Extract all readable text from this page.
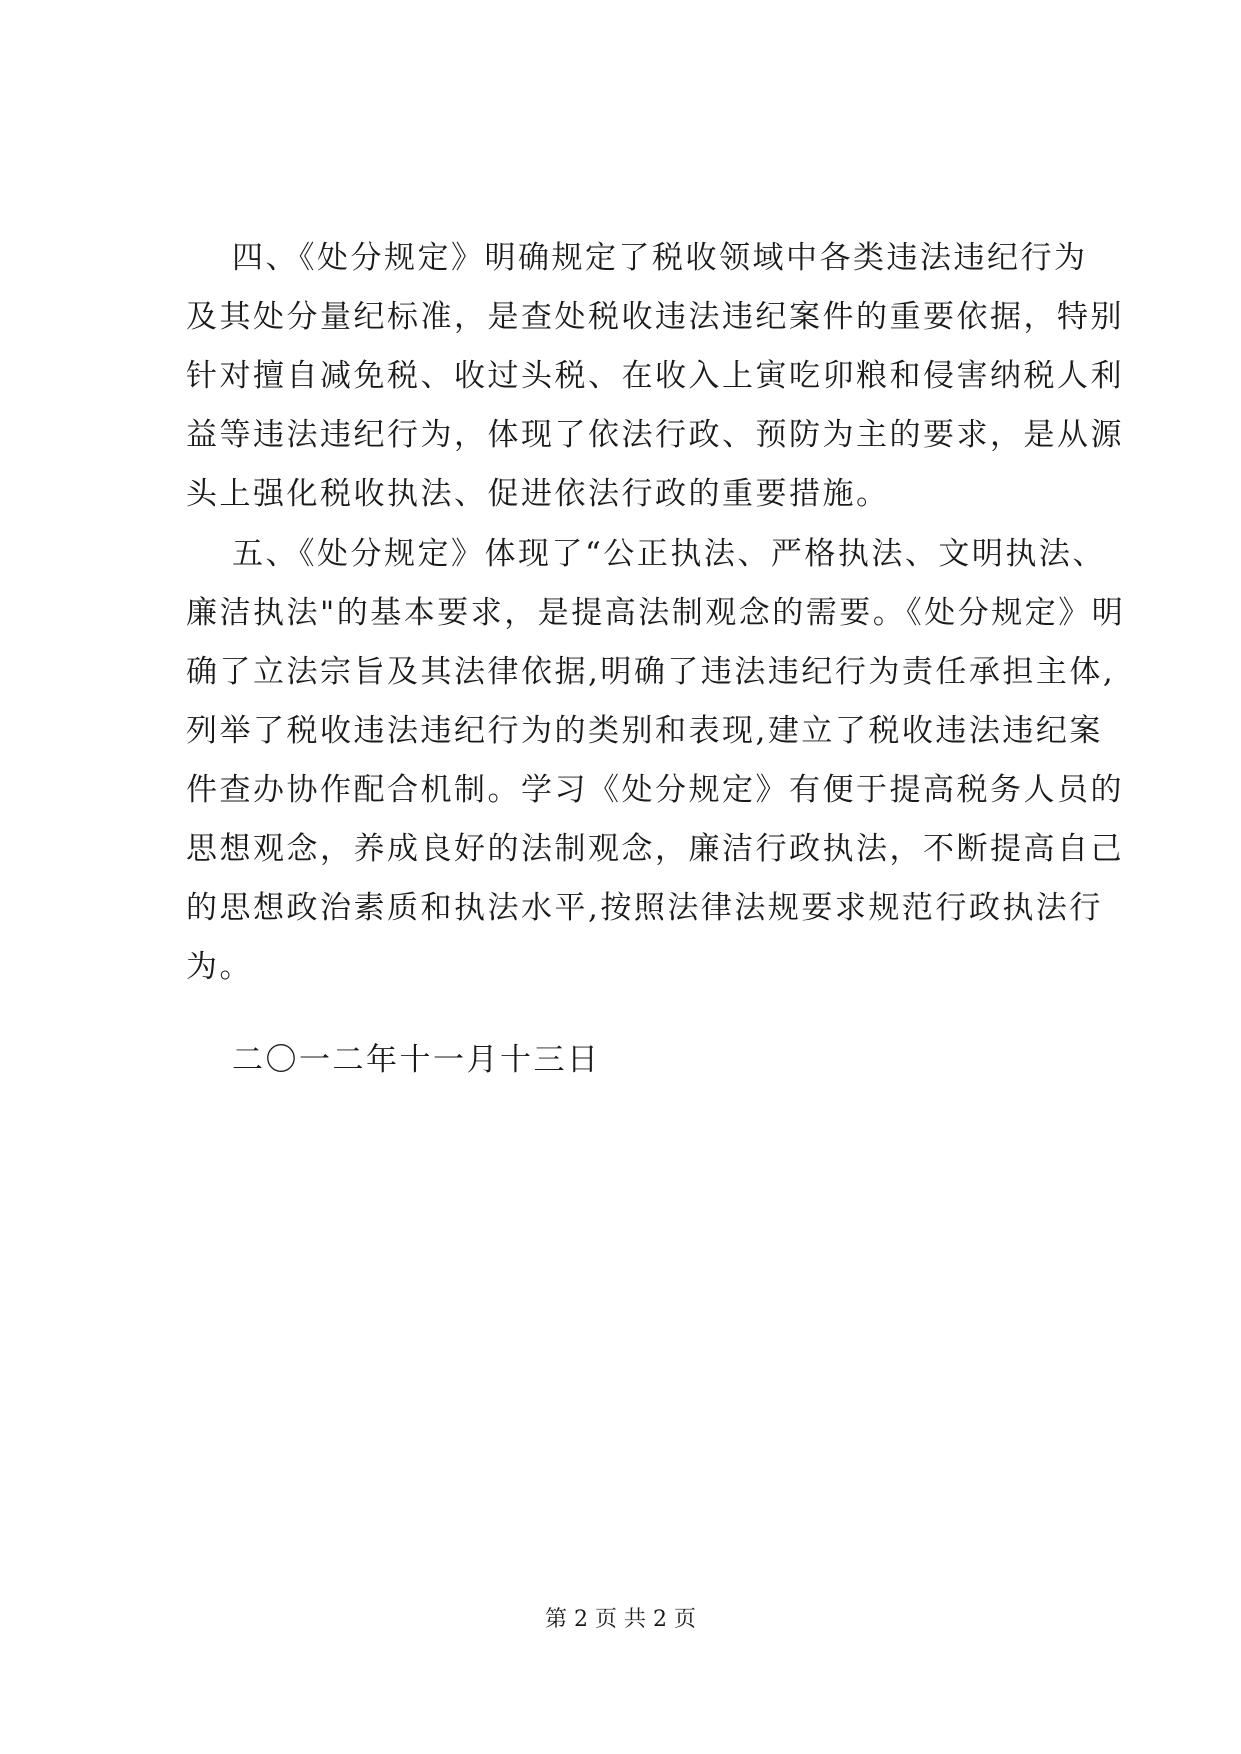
四、《处分规定》明确规定了税收领域中各类违法违纪行为
及其处分量纪标准，是查处税收违法违纪案件的重要依据，特别
针对擅自减免税、收过头税、在收入上寅吃卯粮和侵害纳税人利
益等违法违纪行为，体现了依法行政、预防为主的要求，是从源
头上强化税收执法、促进依法行政的重要措施。
五、《处分规定》体现了“公正执法、严格执法、文明执法、
廉洁执法"的基本要求，是提高法制观念的需要。《处分规定》明
确了立法宗旨及其法律依据,明确了违法违纪行为责任承担主体,
列举了税收违法违纪行为的类别和表现,建立了税收违法违纪案
件查办协作配合机制。学习《处分规定》有便于提高税务人员的
思想观念，养成良好的法制观念，廉洁行政执法，不断提高自己
的思想政治素质和执法水平,按照法律法规要求规范行政执法行
为。
二〇一二年十一月十三日
第 2 页 共 2 页
